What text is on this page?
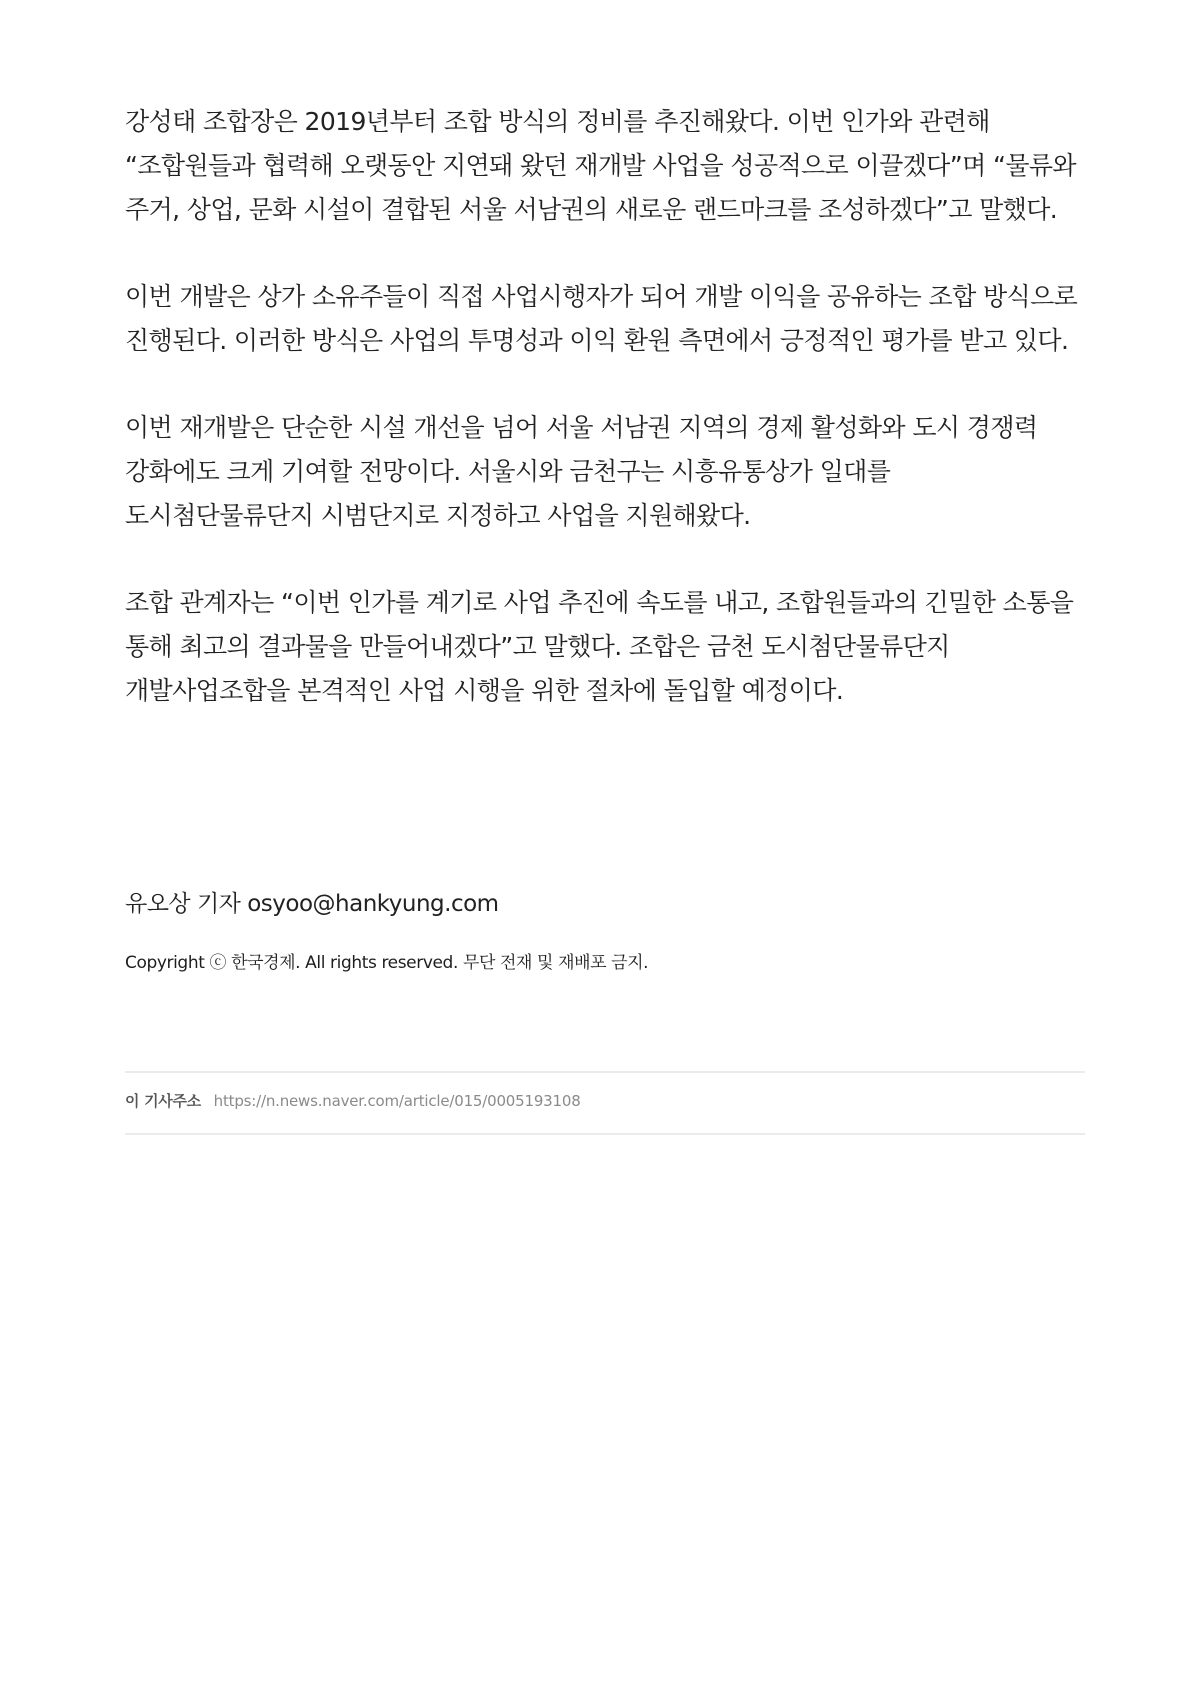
강성태 조합장은 2019년부터 조합 방식의 정비를 추진해왔다. 이번 인가와 관련해 “조합원들과 협력해 오랫동안 지연돼 왔던 재개발 사업을 성공적으로 이끌겠다”며 “물류와 주거, 상업, 문화 시설이 결합된 서울 서남권의 새로운 랜드마크를 조성하겠다”고 말했다.

이번 개발은 상가 소유주들이 직접 사업시행자가 되어 개발 이익을 공유하는 조합 방식으로 진행된다. 이러한 방식은 사업의 투명성과 이익 환원 측면에서 긍정적인 평가를 받고 있다.

이번 재개발은 단순한 시설 개선을 넘어 서울 서남권 지역의 경제 활성화와 도시 경쟁력 강화에도 크게 기여할 전망이다. 서울시와 금천구는 시흥유통상가 일대를 도시첨단물류단지 시범단지로 지정하고 사업을 지원해왔다.

조합 관계자는 “이번 인가를 계기로 사업 추진에 속도를 내고, 조합원들과의 긴밀한 소통을 통해 최고의 결과물을 만들어내겠다”고 말했다. 조합은 금천 도시첨단물류단지 개발사업조합을 본격적인 사업 시행을 위한 절차에 돌입할 예정이다.

유오상 기자 osyoo@hankyung.com
Copyright ⓒ 한국경제. All rights reserved. 무단 전재 및 재배포 금지.
이 기사주소 https://n.news.naver.com/article/015/0005193108
